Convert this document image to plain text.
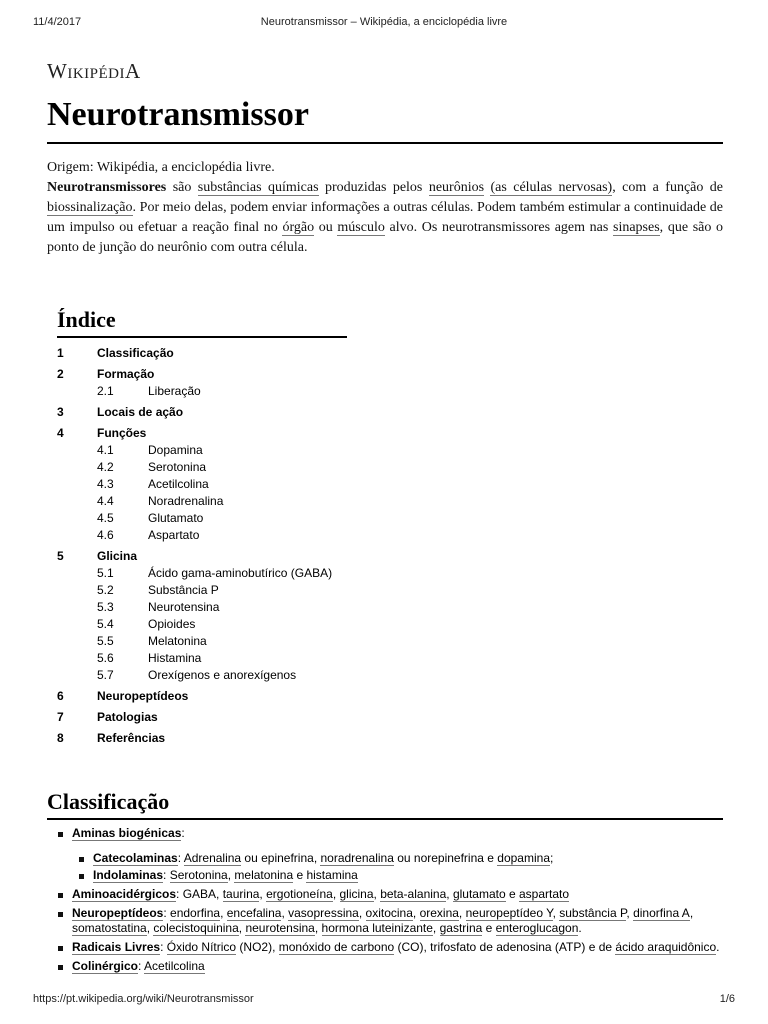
11/4/2017	Neurotransmissor – Wikipédia, a enciclopédia livre
WIKIPÉDIA
Neurotransmissor
Origem: Wikipédia, a enciclopédia livre.
Neurotransmissores são substâncias químicas produzidas pelos neurônios (as células nervosas), com a função de biossinalização. Por meio delas, podem enviar informações a outras células. Podem também estimular a continuidade de um impulso ou efetuar a reação final no órgão ou músculo alvo. Os neurotransmissores agem nas sinapses, que são o ponto de junção do neurônio com outra célula.
Índice
1	Classificação
2	Formação
2.1	Liberação
3	Locais de ação
4	Funções
4.1	Dopamina
4.2	Serotonina
4.3	Acetilcolina
4.4	Noradrenalina
4.5	Glutamato
4.6	Aspartato
5	Glicina
5.1	Ácido gama-aminobutírico (GABA)
5.2	Substância P
5.3	Neurotensina
5.4	Opioides
5.5	Melatonina
5.6	Histamina
5.7	Orexígenos e anorexígenos
6	Neuropeptídeos
7	Patologias
8	Referências
Classificação
Aminas biogénicas:
Catecolaminas: Adrenalina ou epinefrina, noradrenalina ou norepinefrina e dopamina;
Indolaminas: Serotonina, melatonina e histamina
Aminoacidérgicos: GABA, taurina, ergotioneína, glicina, beta-alanina, glutamato e aspartato
Neuropeptídeos: endorfina, encefalina, vasopressina, oxitocina, orexina, neuropeptídeo Y, substância P, dinorfina A, somatostatina, colecistoquinina, neurotensina, hormona luteinizante, gastrina e enteroglucagon.
Radicais Livres: Óxido Nítrico (NO2), monóxido de carbono (CO), trifosfato de adenosina (ATP) e de ácido araquidônico.
Colinérgico: Acetilcolina
https://pt.wikipedia.org/wiki/Neurotransmissor	1/6
